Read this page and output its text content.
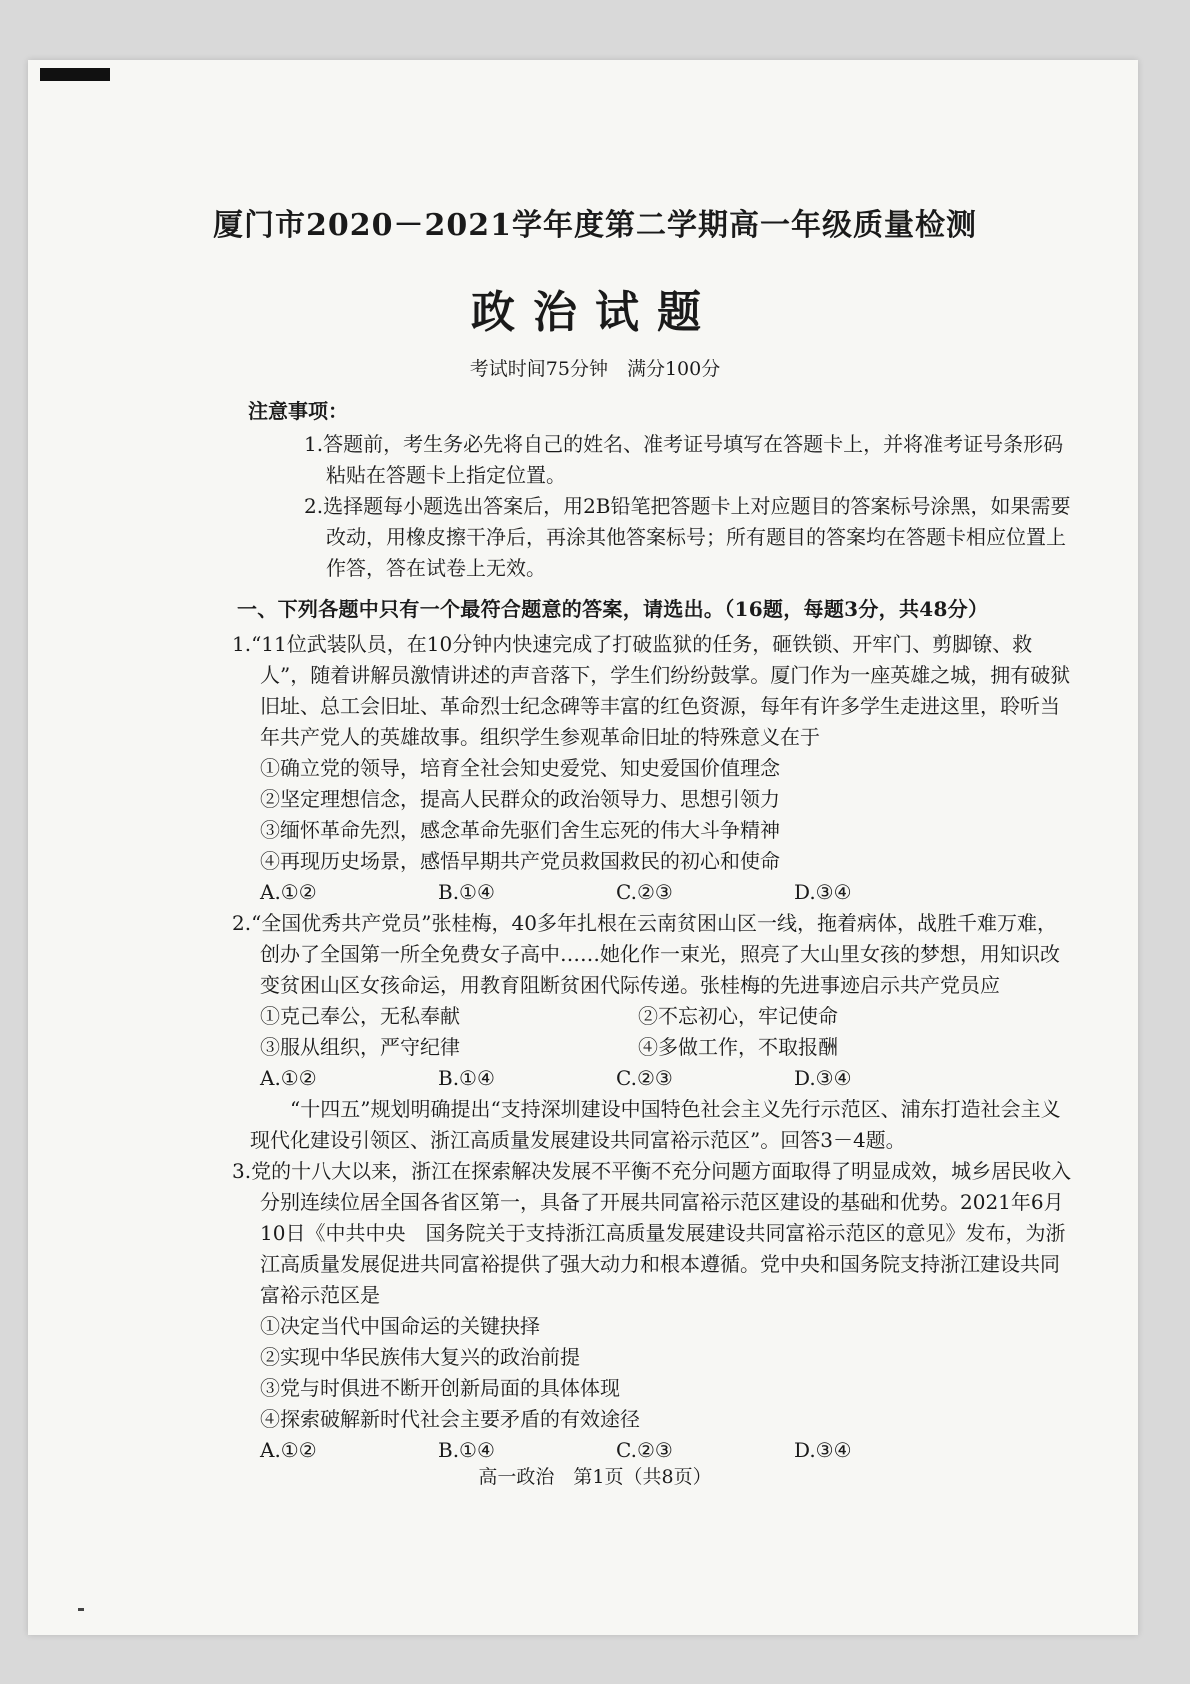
厦门市2020－2021学年度第二学期高一年级质量检测
政治试题
考试时间75分钟　满分100分
注意事项：
1.答题前，考生务必先将自己的姓名、准考证号填写在答题卡上，并将准考证号条形码粘贴在答题卡上指定位置。
2.选择题每小题选出答案后，用2B铅笔把答题卡上对应题目的答案标号涂黑，如果需要改动，用橡皮擦干净后，再涂其他答案标号；所有题目的答案均在答题卡相应位置上作答，答在试卷上无效。
一、下列各题中只有一个最符合题意的答案，请选出。（16题，每题3分，共48分）
1.“11位武装队员，在10分钟内快速完成了打破监狱的任务，砸铁锁、开牢门、剪脚镣、救人”，随着讲解员激情讲述的声音落下，学生们纷纷鼓掌。厦门作为一座英雄之城，拥有破狱旧址、总工会旧址、革命烈士纪念碑等丰富的红色资源，每年有许多学生走进这里，聆听当年共产党人的英雄故事。组织学生参观革命旧址的特殊意义在于
①确立党的领导，培育全社会知史爱党、知史爱国价值理念
②坚定理想信念，提高人民群众的政治领导力、思想引领力
③缅怀革命先烈，感念革命先驱们舍生忘死的伟大斗争精神
④再现历史场景，感悟早期共产党员救国救民的初心和使命
A.①②	B.①④	C.②③	D.③④
2.“全国优秀共产党员”张桂梅，40多年扎根在云南贫困山区一线，拖着病体，战胜千难万难，创办了全国第一所全免费女子高中……她化作一束光，照亮了大山里女孩的梦想，用知识改变贫困山区女孩命运，用教育阻断贫困代际传递。张桂梅的先进事迹启示共产党员应
①克己奉公，无私奉献	②不忘初心，牢记使命
③服从组织，严守纪律	④多做工作，不取报酬
A.①②	B.①④	C.②③	D.③④
“十四五”规划明确提出“支持深圳建设中国特色社会主义先行示范区、浦东打造社会主义现代化建设引领区、浙江高质量发展建设共同富裕示范区”。回答3－4题。
3.党的十八大以来，浙江在探索解决发展不平衡不充分问题方面取得了明显成效，城乡居民收入分别连续位居全国各省区第一，具备了开展共同富裕示范区建设的基础和优势。2021年6月10日《中共中央　国务院关于支持浙江高质量发展建设共同富裕示范区的意见》发布，为浙江高质量发展促进共同富裕提供了强大动力和根本遵循。党中央和国务院支持浙江建设共同富裕示范区是
①决定当代中国命运的关键抉择
②实现中华民族伟大复兴的政治前提
③党与时俱进不断开创新局面的具体体现
④探索破解新时代社会主要矛盾的有效途径
A.①②	B.①④	C.②③	D.③④
高一政治　第1页（共8页）
